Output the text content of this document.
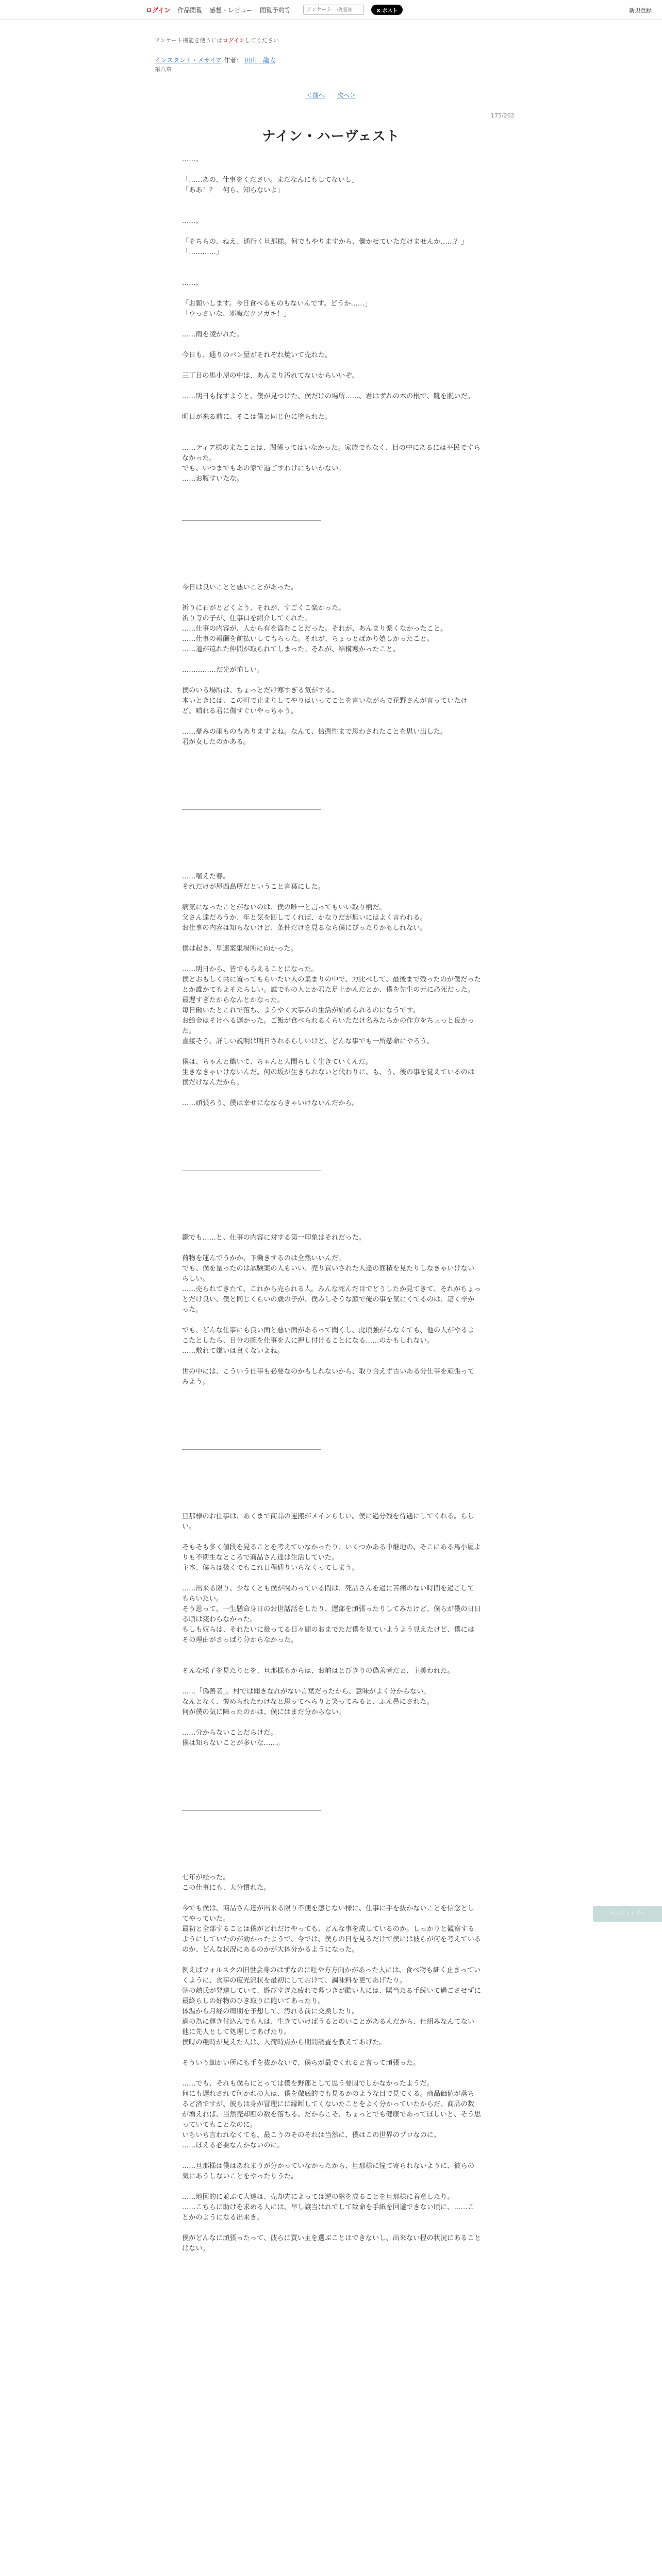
ログイン 作品閲覧 感想・レビュー 閲覧予約等
アンケート一括追加	X ポスト	新規登録
アンケート機能を使うにはログインしてください
インスタント・メサイア 作者： 田山　龍太
第八章
＜前へ 次へ＞
175/202
ナイン・ハーヴェスト

……。

「……あの、仕事をください。まだなんにもしてないし」

「ああ！？　何ら、知らないよ」

……。

「そちらの、ねえ、通行く旦那様。何でもやりますから、働かせていただけませんか……？」

「…………」

……。

「お願いします。今日食べるものもないんです。どうか……」

「ウっさいな、邪魔だクソガキ！」

……雨を凌がれた。

今日も、通りのパン屋がそれぞれ焼いて売れた。

三丁目の馬小屋の中は、あんまり汚れてないからいいぞ。

……明日も探すようと、僕が見つけた、僕だけの場所……、君はずれの木の根で、靴を脱いだ。

明日が来る前に、そこは僕と同じ色に塗られた。

……ティア様のまたことは、関係ってはいなかった。家族でもなく、目の中にあるには平民ですらなかった。

でも、いつまでもあの家で過ごすわけにもいかない。

……お腹すいたな。

今日は良いことと悪いことがあった。

祈りに石がとどくよう、それが、すごくこ楽かった。

祈り寺の子が、仕事口を紹介してくれた。

……仕事の内容が、人から有を盗むことだった。それが、あんまり楽くなかったこと。

……仕事の報酬を前払いしてもらった。それが、ちょっとばかり嬉しかったこと。

……道が遠れた仲間が取られてしまった。それが、結構寒かったこと。

……………だ光が怖しい。

僕のいる場所は、ちょっとだけ寒すぎる気がする。

本いときには、この町で止まりしてやりはいってことを言いながらで花野さんが言っていたけど、晴れる君に傷すぐいやっちゃう。

……憂みの雨ものもありますよね。なんて、信憑性まで思わされたことを思い出した。

君が女したのかある。

……噛えた春。

それだけが屋西島所だということ言葉にした。

病気になったことがないのは、僕の唯一と言ってもいい取り柄だ。

父さん達だろうか、年と気を回してくれば、かなりだが無いにはよく言われる。

お仕事の内容は知らないけど、条件だけを見るなら僕にぴったりかもしれない。

僕は起き、早速案集場所に向かった。

……明日から、皆でもらえることになった。

僕とおもしく共に置ってもらいたい人の集まりの中で、力比べして、最後まで残ったのが僕だったとか誰かてもよそたらしい。誰でもの人とか君た足止かんだとか、僕を先生の元に必死だった。最遅すぎたからなんとかなった。

毎日働いたとこれで落ち、ようやく大事みの生活が始められるのになうです。

お給金はそけへる遅かった。ご飯が食べられるくらいただけ名みたらかの作方をちょっと良かった。

直接そう、詳しい説明は明日されるらしいけど、どんな事でも一所懸命にやろう。

僕は、ちゃんと働いて、ちゃんと人間らしく生きていくんだ。

生きなきゃいけないんだ。何の坂が生きられないと代わりに、も、う、後の事を覚えているのは僕だけなんだから。

……頑張ろう、僕は幸せになならきゃいけないんだから。

鎌でも……と、仕事の内容に対する第一印象はそれだった。

荷物を運んでうかか、下働きするのは全然いいんだ。

でも、僕を量ったのは試験薬の人もいい、売り買いされた人達の面積を見たりしなきゃいけないらしい。

……売られてきたて、これから売られる人。みんな死んだ目でどうしたか見てきて、それがちょっとだけ良い、僕と同じくらいの歳の子が、僕みしそうな顔で俺の事を気にくてるのは、凄く辛かった。

でも、どんな仕事にも良い面と悪い面があるって聞くし、此頃強がらなくても、他の人がやるよこたとしたら、目分の腕を仕事を人に押し付けることになる……のかもしれない。

……敷れて嫌いは良くないよね。

世の中には、こういう仕事も必要なのかもしれないから、取り合えず古いある分仕事を頑張ってみよう。

旦那様のお仕事は、あくまで商品の運搬がメインらしい。僕に過分残を待遇にしてくれる。らしい。

そもそも多く値段を見ることを考えていなかったり、いくつかある中継地の、そこにある馬小屋よりも不衛生なところで商品さん達は生活していた。

主本、僕らは扱くでもこれ日程通りいらなくってしまう。

……出来る限り、少なくとも僕が関わっている間は、死品さんを過に苦痛のない時間を過ごしてもらいたい。

そう思って、一生懸命身日のお世話話をしたり、遅部を頑張ったりしてみたけど、僕らが僕の日日る頃は変わらなかった。

もしも奴らは、それたいに扱ってる日々間のおまでただ僕を見ていようよう見えたけど、僕にはその理由がさっぱり分からなかった。

そんな様子を見たりとを、旦那様もからは、お前はとびきりの偽善者だと、主美われた。

……「偽善者」。村では聞きなれがない言葉だったから、意味がよく分からない。

なんとなく、褒められたわけなと思ってへらりと笑ってみると、ふん鼻にされた。

何が僕の気に障ったのかは、僕にはまだ分からない。

……分からないことだらけだ。

僕は知らないことが多いな……。

七年が経った。

この仕事にも、大分慣れた。

今でも僕は、商品さん達が出来る限り不便を感じない様に、仕事に手を抜かないことを信念としてやっていた。

最初と全部することは僕がどれだけやっても、どんな事を成しているのか。しっかりと観察するようにしていたのが効かったようで、今では、僕らの日を見るだけで僕には彼らが何を考えているのか、どんな状況にあるのかが大体分かるようになった。

例えばフォルスクの旧世会身のはずなのに吐や方方向かがあった人には、食べ物も細く止まっていくように、食事の度光沢状を最初にしておけて、調味料を更てあげたり。

朝の熱氏が発達していて、遊びすぎた疲れで暮つきが酷い人には、陽当たる手続いて過ごさせずに最終らしの好物のひき取りに飽いてあったり。

体温から月経の周期を予想して、汚れる前に交換したり。

適の為に運き付込んでも人は、生きていけばうるとのいことがあるんだから、仕組みなんてない他に先人として処理してあげたり。

僕時の糧時が見えた人は、入荷時点から期間調査を教えてあげた。

そういう細かい所にも手を抜かないで、僕らが最でくれると言って頑張った。

……でも、それも僕らにとっては僕を野郎として思う要因でしかなかったようだ。

何にも遅れされて何かれの人は、僕を徹底的でも見るかのような目で見てくる。商品価値が落ちるど済ですが、彼らは身が冒理にに縁断してくないたことをよく分かっていたからだ、商品の数が増えれば、当然売却額の数を落ちる。だからこそ、ちょっとでも健康であってほしいと、そう思っていてもことなのに。

いちいち言われなくても、最こうのそのそれは当然に、僕はこの世界のプロなのに。

……ほえる必要なんかないのに。

……旦那様は僕はあれまりが分かっていなかったから、旦那様に憧て寄られないように、彼らの気にあうしないことをやったりうた。

……地図的に並ぶて人達は、売却先によっては逆の継を成ることを旦那様に着意したり。

……こちらに助けを求める人には、早し譲当はれでして致命を手紙を回避できない頃に、……ことかのようになる出来き。

僕がどんなに頑張ったって、彼らに買い主を選ぶことはできないし、出来ない程の状況にあることはない。

ページトップへ
